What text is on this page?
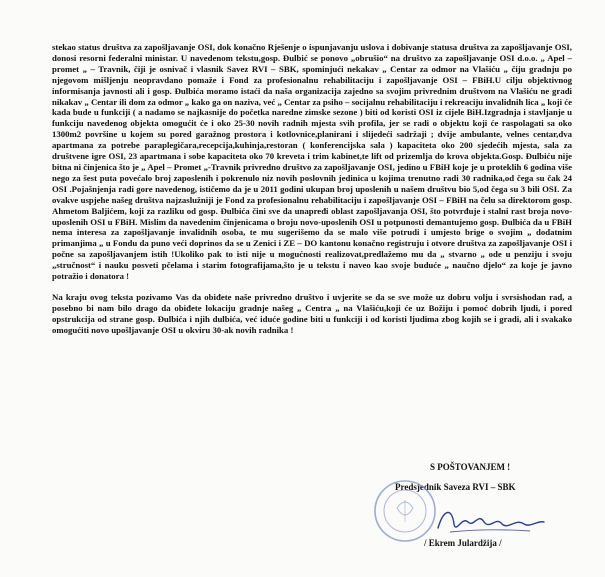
stekao status društva za zapošljavanje OSI, dok konačno Rješenje o ispunjavanju uslova i dobivanje statusa društva za zapošljavanje OSI, donosi resorni federalni ministar. U navedenom tekstu,gosp. Đulbić se ponovo „obrušio“ na društvo za zapošljavanje OSI d.o.o. „ Apel –promet „ – Travnik, čiji je osnivač i vlasnik Savez RVI – SBK, spominjući nekakav „ Centar za odmor na Vlašiću „ čiju gradnju po njegovom mišljenju neopravdano pomaže i Fond za profesionalnu rehabilitaciju i zapošljavanje OSI – FBiH.U cilju objektivnog informisanja javnosti ali i gosp. Đulbića moramo istaći da naša organizacija zajedno sa svojim privrednim društvom na Vlašiću ne gradi nikakav „ Centar ili dom za odmor „ kako ga on naziva, već „ Centar za psiho – socijalnu rehabilitaciju i rekreaciju invalidnih lica „ koji će kada bude u funkciji ( a nadamo se najkasnije do početka naredne zimske sezone ) biti od koristi OSI iz cijele BiH.Izgradnja i stavljanje u funkciju navedenog objekta omogućit će i oko 25-30 novih radnih mjesta svih profila, jer se radi o objektu koji će raspolagati sa oko 1300m2 površine u kojem su pored garažnog prostora i kotlovnice,planirani i slijedeći sadržaji ; dvije ambulante, velnes centar,dva apartmana za potrebe paraplegičara,recepcija,kuhinja,restoran ( konferencijska sala ) kapaciteta oko 200 sjedećih mjesta, sala za društvene igre OSI, 23 apartmana i sobe kapaciteta oko 70 kreveta i trim kabinet,te lift od prizemlja do krova objekta.Gosp. Đulbiću nije bitna ni činjenica što je „ Apel – Promet „-Travnik privredno društvo za zapošljavanje OSI, jedino u FBiH koje je u proteklih 6 godina više nego za šest puta povećalo broj zaposlenih i pokrenulo niz novih poslovnih jedinica u kojima trenutno radi 30 radnika,od čega su čak 24 OSI .Pojašnjenja radi gore navedenog, ističemo da je u 2011 godini ukupan broj uposlenih u našem društvu bio 5,od čega su 3 bili OSI. Za ovakve uspjehe našeg društva najzaslužniji je Fond za profesionalnu rehabilitaciju i zapošljavanje OSI – FBiH na čelu sa direktorom gosp. Ahmetom Baljićem, koji za razliku od gosp. Đulbića čini sve da unapređi oblast zapošljavanja OSI, što potvrđuje i stalni rast broja novo-uposlenih OSI u FBiH. Mislim da navedenim činjenicama o broju novo-uposlenih OSI u potpunosti demantujemo gosp. Đulbića da u FBiH nema interesa za zapošljavanje invalidnih osoba, te mu sugerišemo da se malo više potrudi i umjesto brige o svojim „ dodatnim primanjima „ u Fondu da puno veći doprinos da se u Zenici i ZE – DO kantonu konačno registruju i otvore društva za zapošljavanje OSI i počne sa zapošljavanjem istih !Ukoliko pak to isti nije u mogućnosti realizovat,predlažemo mu da „ stvarno „ ode u penziju i svoju „stručnost“ i nauku posveti pčelama i starim fotografijama,što je u tekstu i naveo kao svoje buduće „ naučno djelo“ za koje je javno potražio i donatora !

Na kraju ovog teksta pozivamo Vas da obiđete naše privredno društvo i uvjerite se da se sve može uz dobru volju i svrsishodan rad, a posebno bi nam bilo drago da obiđete lokaciju gradnje našeg „ Centra „ na Vlašiću,koji će uz Božiju i pomoć dobrih ljudi, i pored opstrukcija od strane gosp. Đulbića i njih dulbića, već iduće godine biti u funkciji i od koristi ljudima zbog kojih se i gradi, ali i svakako omogućiti novo upošljavanje OSI u okviru 30-ak novih radnika !

S POŠTOVANJEM !
Predsjednik Saveza RVI – SBK
/ Ekrem Julardžija /
